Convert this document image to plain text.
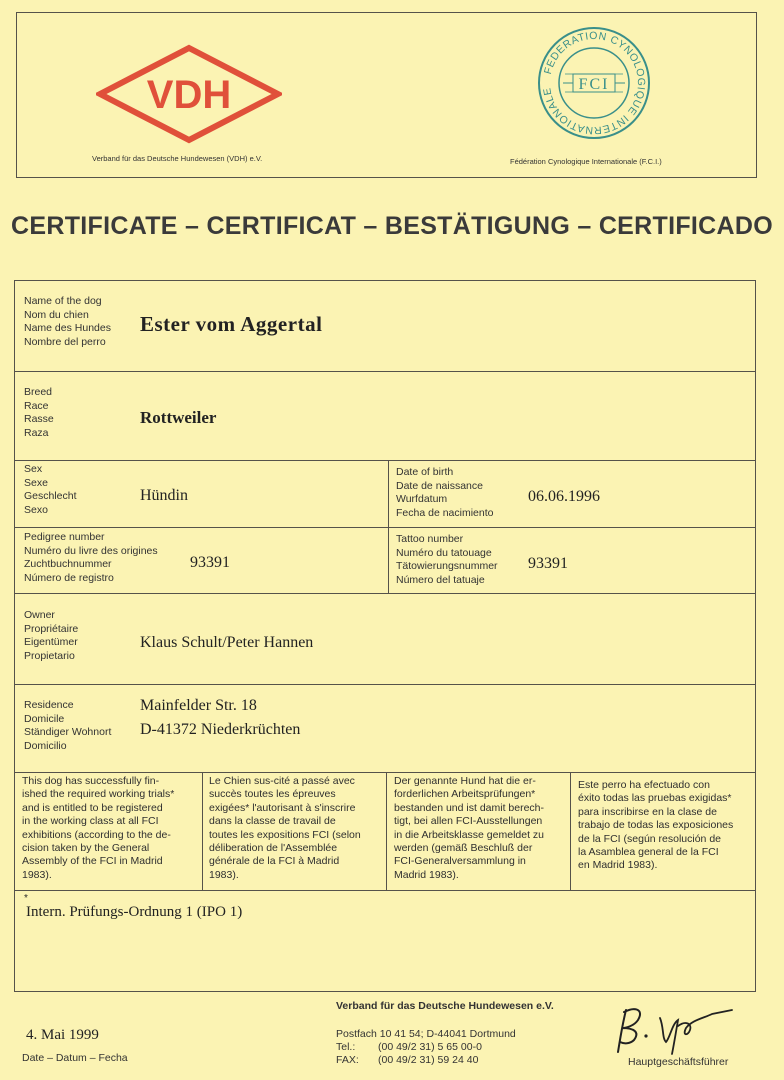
VDH
Verband für das Deutsche Hundewesen (VDH) e.V.
FEDERATION CYNOLOGIQUE INTERNATIONALE	FCI
Fédération Cynologique Internationale (F.C.I.)
CERTIFICATE – CERTIFICAT – BESTÄTIGUNG – CERTIFICADO
Name of the dog
Nom du chien
Name des Hundes
Nombre del perro
Ester vom Aggertal
Breed
Race
Rasse
Raza
Rottweiler
Sex
Sexe
Geschlecht
Sexo
Hündin
Date of birth
Date de naissance
Wurfdatum
Fecha de nacimiento
06.06.1996
Pedigree number
Numéro du livre des origines
Zuchtbuchnummer
Número de registro
93391
Tattoo number
Numéro du tatouage
Tätowierungsnummer
Número del tatuaje
93391
Owner
Propriétaire
Eigentümer
Propietario
Klaus Schult/Peter Hannen
Residence
Domicile
Ständiger Wohnort
Domicilio
Mainfelder Str. 18
D-41372 Niederkrüchten
This dog has successfully fin-
ished the required working trials*
and is entitled to be registered
in the working class at all FCI
exhibitions (according to the de-
cision taken by the General
Assembly of the FCI in Madrid
1983).
Le Chien sus-cité a passé avec
succès toutes les épreuves
exigées* l'autorisant à s'inscrire
dans la classe de travail de
toutes les expositions FCI (selon
déliberation de l'Assemblée
générale de la FCI à Madrid
1983).
Der genannte Hund hat die er-
forderlichen Arbeitsprüfungen*
bestanden und ist damit berech-
tigt, bei allen FCI-Ausstellungen
in die Arbeitsklasse gemeldet zu
werden (gemäß Beschluß der
FCI-Generalversammlung in
Madrid 1983).
Este perro ha efectuado con
éxito todas las pruebas exigidas*
para inscribirse en la clase de
trabajo de todas las exposiciones
de la FCI (según resolución de
la Asamblea general de la FCI
en Madrid 1983).
*
Intern. Prüfungs-Ordnung 1 (IPO 1)
4. Mai 1999
Date – Datum – Fecha
Verband für das Deutsche Hundewesen e.V.
Postfach 10 41 54; D-44041 Dortmund
Tel.: (00 49/2 31) 5 65 00-0
FAX: (00 49/2 31) 59 24 40	Hauptgeschäftsführer
